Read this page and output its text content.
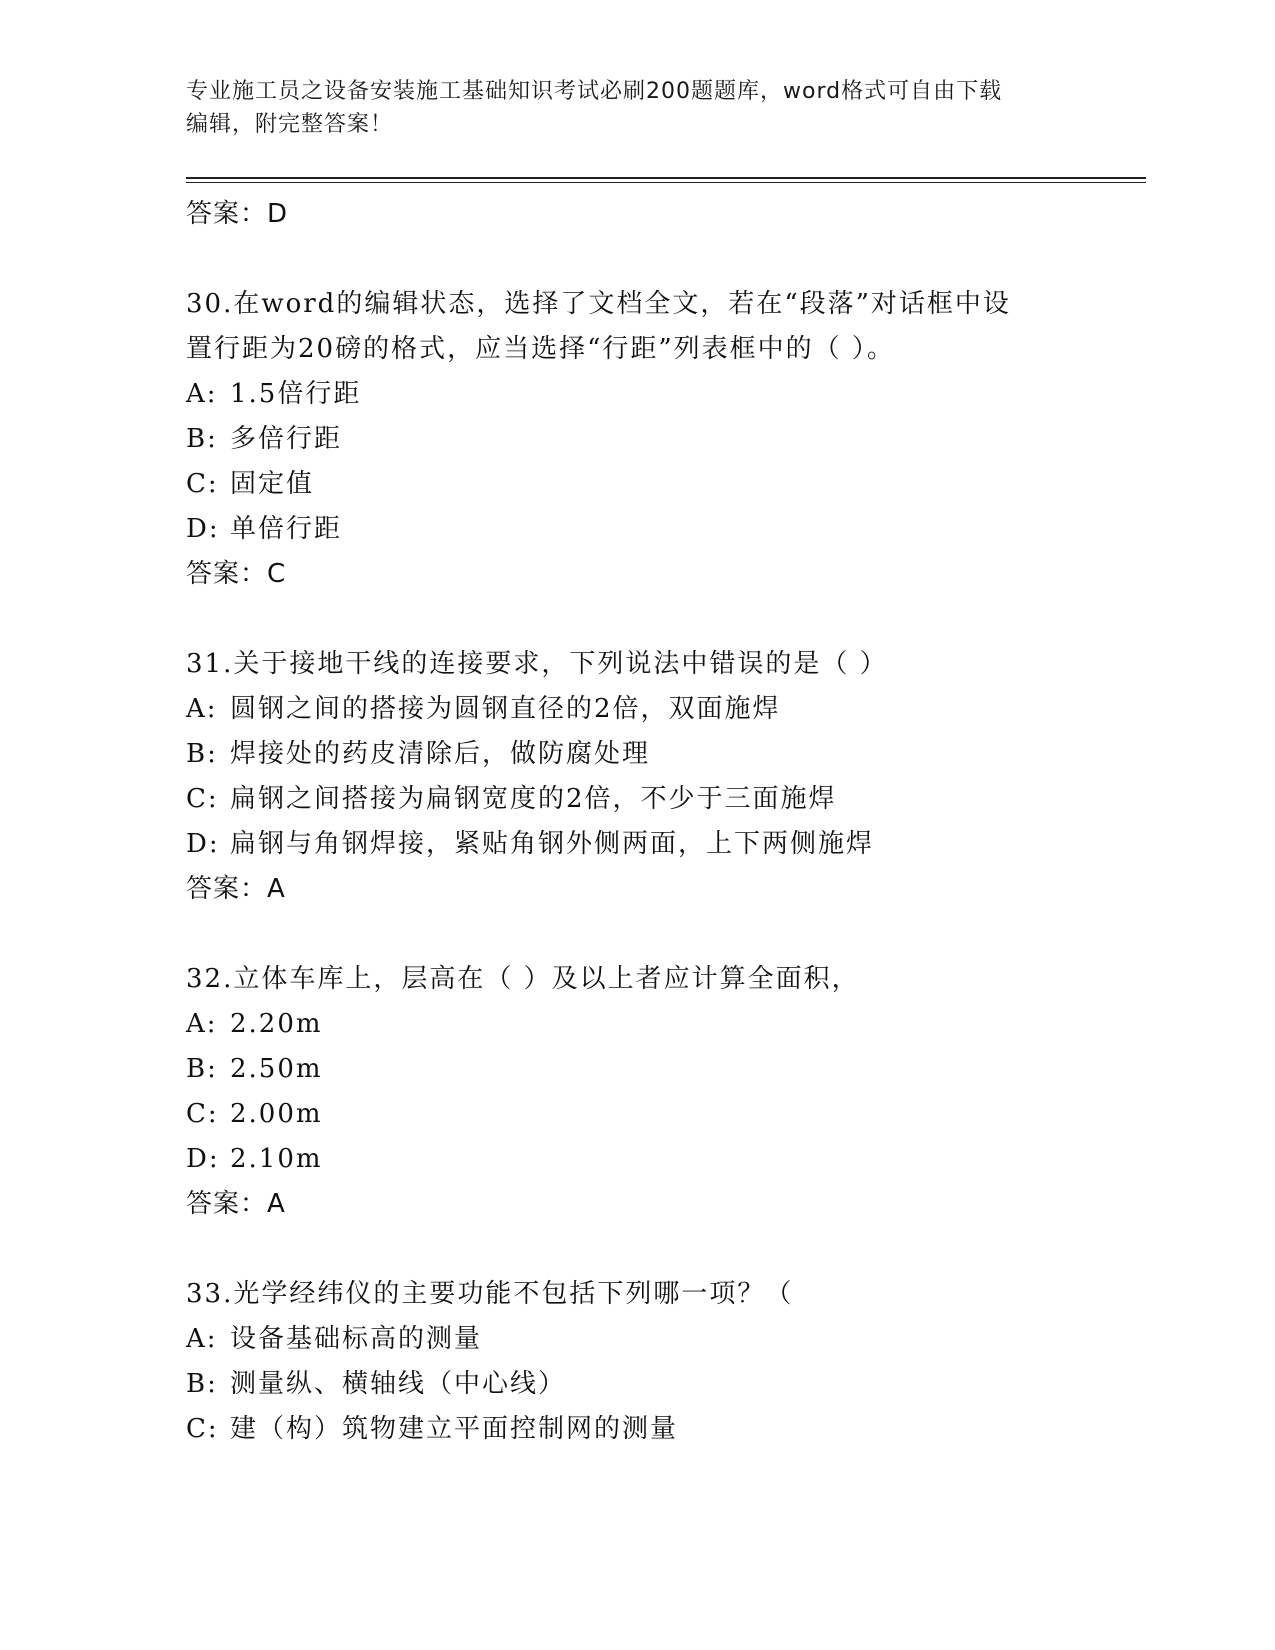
专业施工员之设备安装施工基础知识考试必刷200题题库，word格式可自由下载
编辑，附完整答案！
答案：D
30.在word的编辑状态，选择了文档全文，若在“段落”对话框中设
置行距为20磅的格式，应当选择“行距”列表框中的（ ）。
A: 1.5倍行距
B: 多倍行距
C: 固定值
D: 单倍行距
答案：C
31.关于接地干线的连接要求，下列说法中错误的是（ ）
A: 圆钢之间的搭接为圆钢直径的2倍，双面施焊
B: 焊接处的药皮清除后，做防腐处理
C: 扁钢之间搭接为扁钢宽度的2倍，不少于三面施焊
D: 扁钢与角钢焊接，紧贴角钢外侧两面，上下两侧施焊
答案：A
32.立体车库上，层高在（ ）及以上者应计算全面积，
A: 2.20m
B: 2.50m
C: 2.00m
D: 2.10m
答案：A
33.光学经纬仪的主要功能不包括下列哪一项？（
A: 设备基础标高的测量
B: 测量纵、横轴线（中心线）
C: 建（构）筑物建立平面控制网的测量
